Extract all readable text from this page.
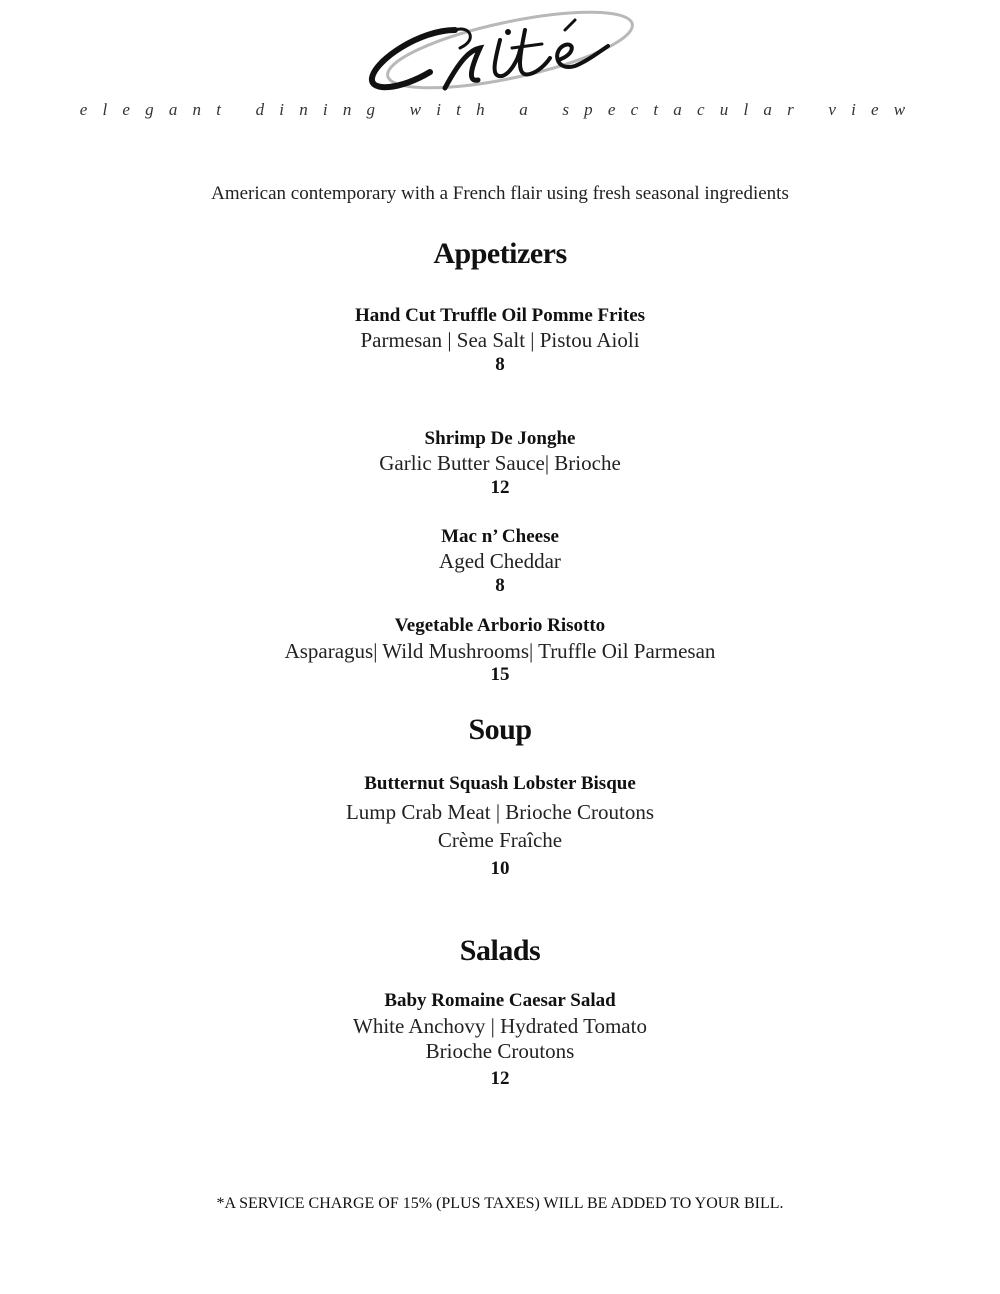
elegant dining with a spectacular view
American contemporary with a French flair using fresh seasonal ingredients
Appetizers
Hand Cut Truffle Oil Pomme Frites
Parmesan | Sea Salt | Pistou Aioli
8
Shrimp De Jonghe
Garlic Butter Sauce| Brioche
12
Mac n’ Cheese
Aged Cheddar
8
Vegetable Arborio Risotto
Asparagus| Wild Mushrooms| Truffle Oil Parmesan
15
Soup
Butternut Squash Lobster Bisque
Lump Crab Meat | Brioche Croutons
Crème Fraîche
10
Salads
Baby Romaine Caesar Salad
White Anchovy | Hydrated Tomato
Brioche Croutons
12
*A SERVICE CHARGE OF 15% (PLUS TAXES) WILL BE ADDED TO YOUR BILL.
